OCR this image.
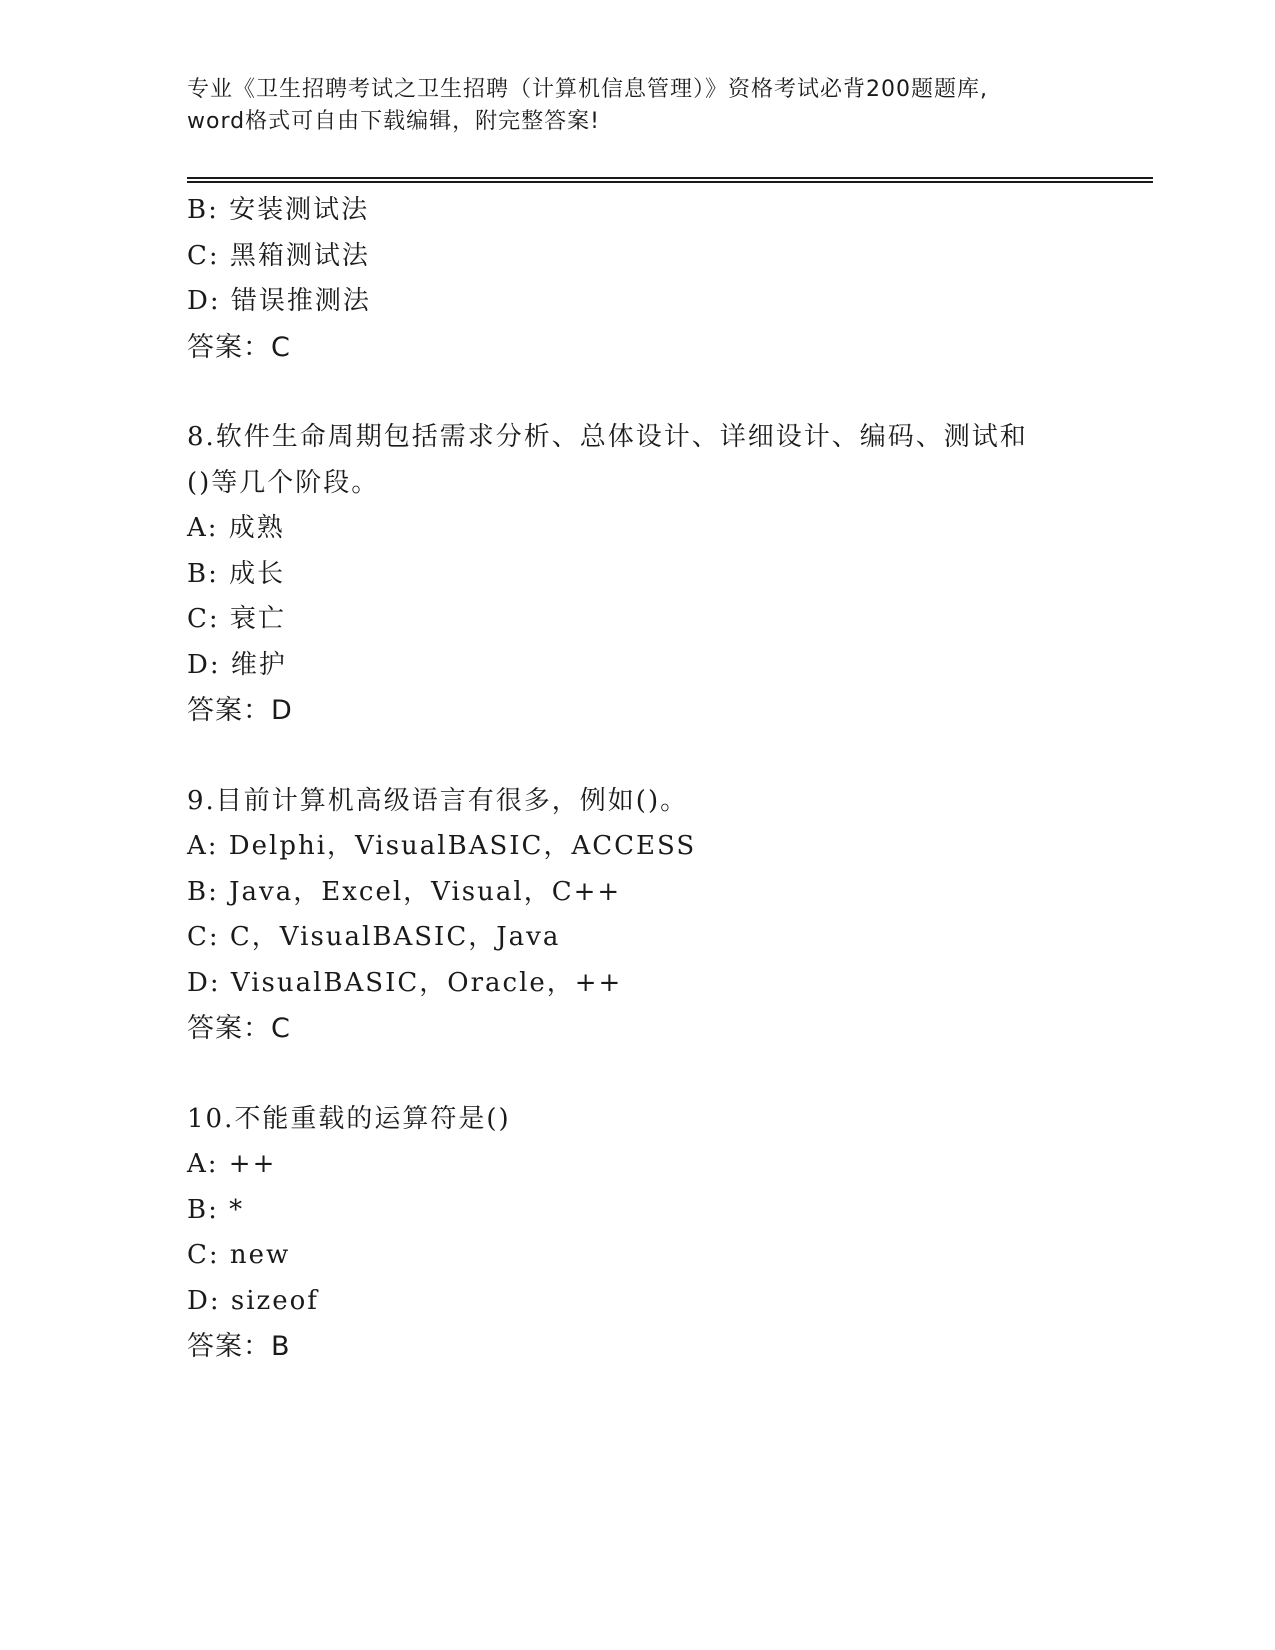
专业《卫生招聘考试之卫生招聘（计算机信息管理）》资格考试必背200题题库,
word格式可自由下载编辑，附完整答案!
B: 安装测试法
C: 黑箱测试法
D: 错误推测法
答案：C
8.软件生命周期包括需求分析、总体设计、详细设计、编码、测试和
()等几个阶段。
A: 成熟
B: 成长
C: 衰亡
D: 维护
答案：D
9.目前计算机高级语言有很多，例如()。
A: Delphi，VisualBASIC，ACCESS
B: Java，Excel，Visual，C++
C: C，VisualBASIC，Java
D: VisualBASIC，Oracle，++
答案：C
10.不能重载的运算符是()
A: ++
B: *
C: new
D: sizeof
答案：B
